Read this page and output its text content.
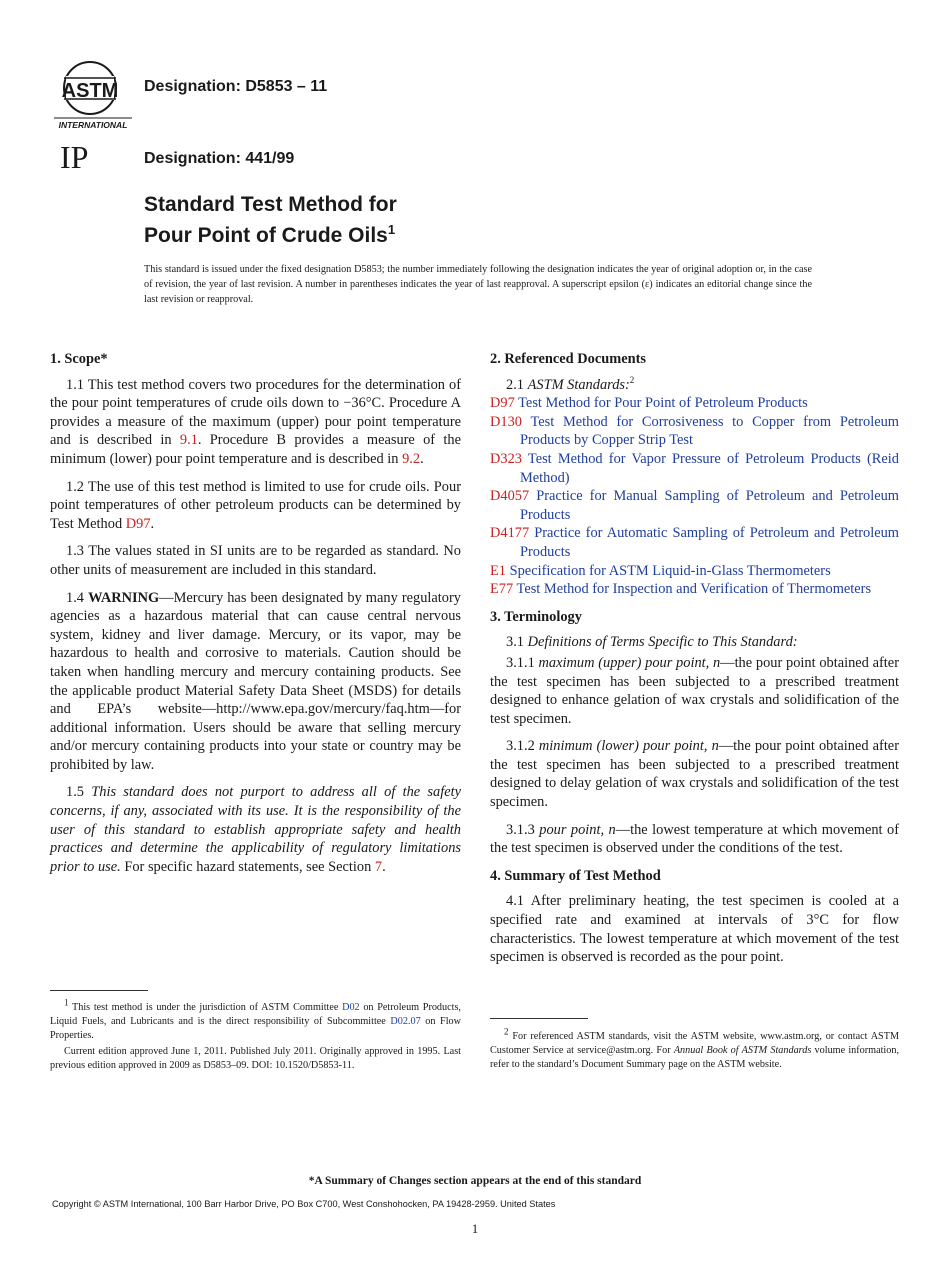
ASTM
INTERNATIONAL
Designation: D5853 – 11
IP	Designation: 441/99
Standard Test Method for
Pour Point of Crude Oils$^1$
This standard is issued under the fixed designation D5853; the number immediately following the designation indicates the year of original adoption or, in the case of revision, the year of last revision. A number in parentheses indicates the year of last reapproval. A superscript epsilon (ε) indicates an editorial change since the last revision or reapproval.
1. Scope*

1.1 This test method covers two procedures for the determination of the pour point temperatures of crude oils down to −36°C. Procedure A provides a measure of the maximum (upper) pour point temperature and is described in 9.1. Procedure B provides a measure of the minimum (lower) pour point temperature and is described in 9.2.

1.2 The use of this test method is limited to use for crude oils. Pour point temperatures of other petroleum products can be determined by Test Method D97.

1.3 The values stated in SI units are to be regarded as standard. No other units of measurement are included in this standard.

1.4 WARNING—Mercury has been designated by many regulatory agencies as a hazardous material that can cause central nervous system, kidney and liver damage. Mercury, or its vapor, may be hazardous to health and corrosive to materials. Caution should be taken when handling mercury and mercury containing products. See the applicable product Material Safety Data Sheet (MSDS) for details and EPA’s website—http://www.epa.gov/mercury/faq.htm—for additional information. Users should be aware that selling mercury and/or mercury containing products into your state or country may be prohibited by law.

1.5 This standard does not purport to address all of the safety concerns, if any, associated with its use. It is the responsibility of the user of this standard to establish appropriate safety and health practices and determine the applicability of regulatory limitations prior to use. For specific hazard statements, see Section 7.

2. Referenced Documents

2.1 ASTM Standards:$^2$

D97 Test Method for Pour Point of Petroleum Products

D130 Test Method for Corrosiveness to Copper from Petroleum Products by Copper Strip Test

D323 Test Method for Vapor Pressure of Petroleum Products (Reid Method)

D4057 Practice for Manual Sampling of Petroleum and Petroleum Products

D4177 Practice for Automatic Sampling of Petroleum and Petroleum Products

E1 Specification for ASTM Liquid-in-Glass Thermometers

E77 Test Method for Inspection and Verification of Thermometers

3. Terminology

3.1 Definitions of Terms Specific to This Standard:

3.1.1 maximum (upper) pour point, n—the pour point obtained after the test specimen has been subjected to a prescribed treatment designed to enhance gelation of wax crystals and solidification of the test specimen.

3.1.2 minimum (lower) pour point, n—the pour point obtained after the test specimen has been subjected to a prescribed treatment designed to delay gelation of wax crystals and solidification of the test specimen.

3.1.3 pour point, n—the lowest temperature at which movement of the test specimen is observed under the conditions of the test.

4. Summary of Test Method

4.1 After preliminary heating, the test specimen is cooled at a specified rate and examined at intervals of 3°C for flow characteristics. The lowest temperature at which movement of the test specimen is observed is recorded as the pour point.

1 This test method is under the jurisdiction of ASTM Committee D02 on Petroleum Products, Liquid Fuels, and Lubricants and is the direct responsibility of Subcommittee D02.07 on Flow Properties.

Current edition approved June 1, 2011. Published July 2011. Originally approved in 1995. Last previous edition approved in 2009 as D5853–09. DOI: 10.1520/D5853-11.

2 For referenced ASTM standards, visit the ASTM website, www.astm.org, or contact ASTM Customer Service at service@astm.org. For Annual Book of ASTM Standards volume information, refer to the standard’s Document Summary page on the ASTM website.

*A Summary of Changes section appears at the end of this standard
Copyright © ASTM International, 100 Barr Harbor Drive, PO Box C700, West Conshohocken, PA 19428-2959. United States
1
